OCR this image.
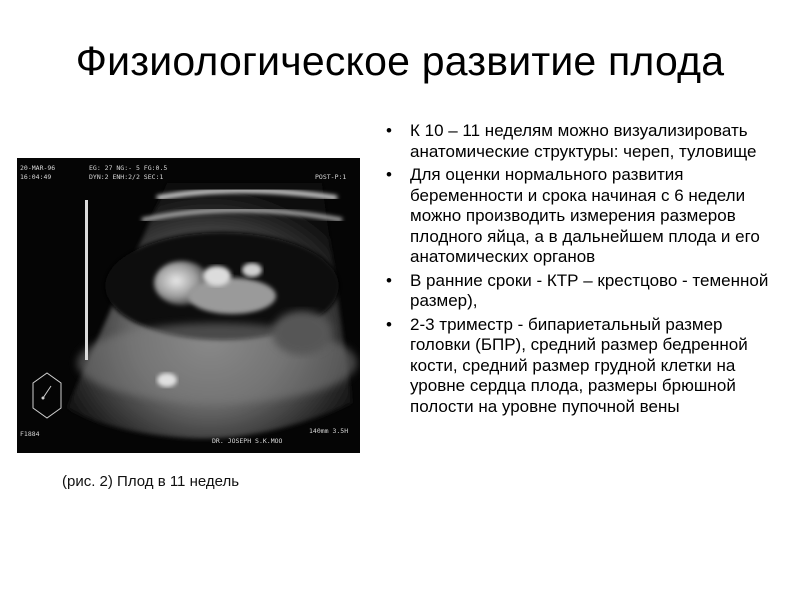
Физиологическое развитие плода
20-MAR-96
16:04:49
EG: 27 NG:- 5 FG:0.5
DYN:2 ENH:2/2 SEC:1	POST-P:1
F1884
DR. JOSEPH S.K.MOO
140mm 3.5H
(рис. 2) Плод в 11 недель
•	К 10 – 11 неделям можно визуализировать анатомические структуры: череп, туловище
•	Для оценки нормального развития беременности и срока начиная с 6 недели можно производить измерения размеров плодного яйца, а в дальнейшем плода и его анатомических органов
•	В ранние сроки - КТР – крестцово - теменной размер),
•	2-3 триместр - бипариетальный размер головки (БПР), средний размер бедренной кости, средний размер грудной клетки на уровне сердца плода, размеры брюшной полости на уровне пупочной вены
